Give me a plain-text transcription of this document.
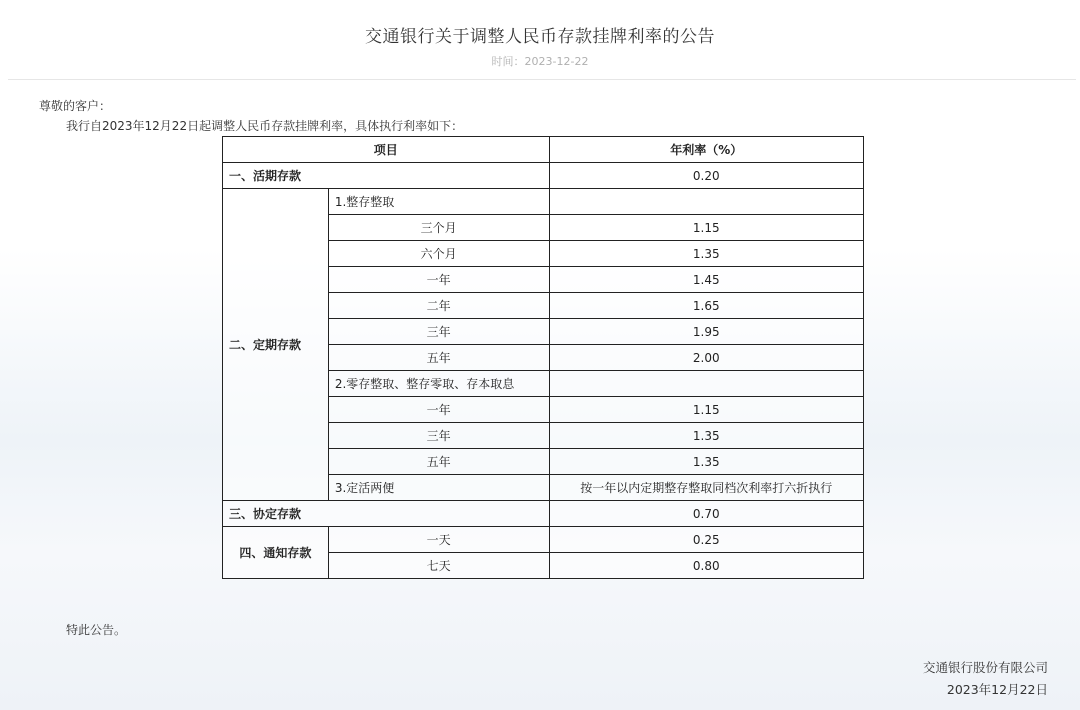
交通银行关于调整人民币存款挂牌利率的公告
时间：2023-12-22
尊敬的客户：
我行自2023年12月22日起调整人民币存款挂牌利率，具体执行利率如下：
项目		年利率（%）
一、活期存款		0.20
二、定期存款	1.整存整取	
	三个月	1.15
	六个月	1.35
	一年	1.45
	二年	1.65
	三年	1.95
	五年	2.00
	2.零存整取、整存零取、存本取息	
	一年	1.15
	三年	1.35
	五年	1.35
	3.定活两便	按一年以内定期整存整取同档次利率打六折执行
三、协定存款		0.70
四、通知存款	一天	0.25
	七天	0.80
特此公告。
交通银行股份有限公司
2023年12月22日
